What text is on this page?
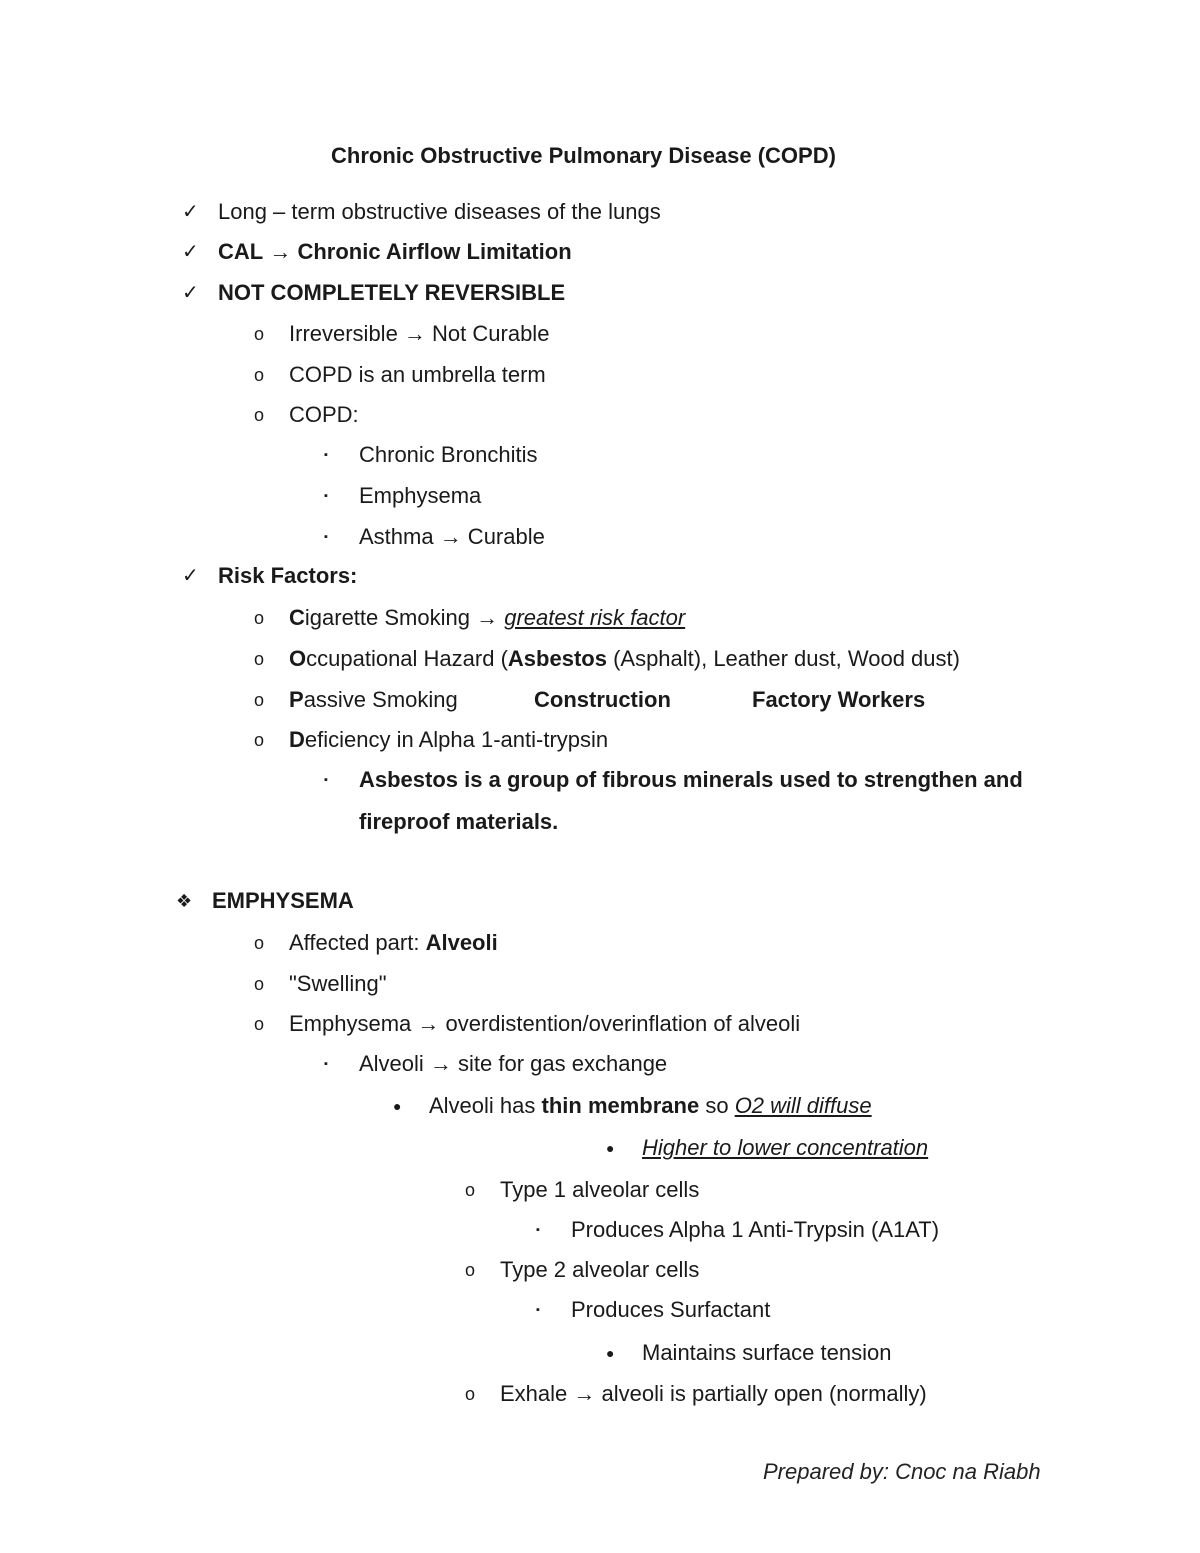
Chronic Obstructive Pulmonary Disease (COPD)
✓ Long – term obstructive diseases of the lungs
✓ CAL → Chronic Airflow Limitation
✓ NOT COMPLETELY REVERSIBLE
o Irreversible → Not Curable
o COPD is an umbrella term
o COPD:
▪ Chronic Bronchitis
▪ Emphysema
▪ Asthma → Curable
✓ Risk Factors:
o Cigarette Smoking → greatest risk factor
o Occupational Hazard (Asbestos (Asphalt), Leather dust, Wood dust)
o Passive Smoking	Construction	Factory Workers
o Deficiency in Alpha 1-anti-trypsin
▪ Asbestos is a group of fibrous minerals used to strengthen and
fireproof materials.
❖ EMPHYSEMA
o Affected part: Alveoli
o "Swelling"
o Emphysema → overdistention/overinflation of alveoli
▪ Alveoli → site for gas exchange
● Alveoli has thin membrane so O2 will diffuse
● Higher to lower concentration
o Type 1 alveolar cells
▪ Produces Alpha 1 Anti-Trypsin (A1AT)
o Type 2 alveolar cells
▪ Produces Surfactant
● Maintains surface tension
o Exhale → alveoli is partially open (normally)
Prepared by: Cnoc na Riabh
